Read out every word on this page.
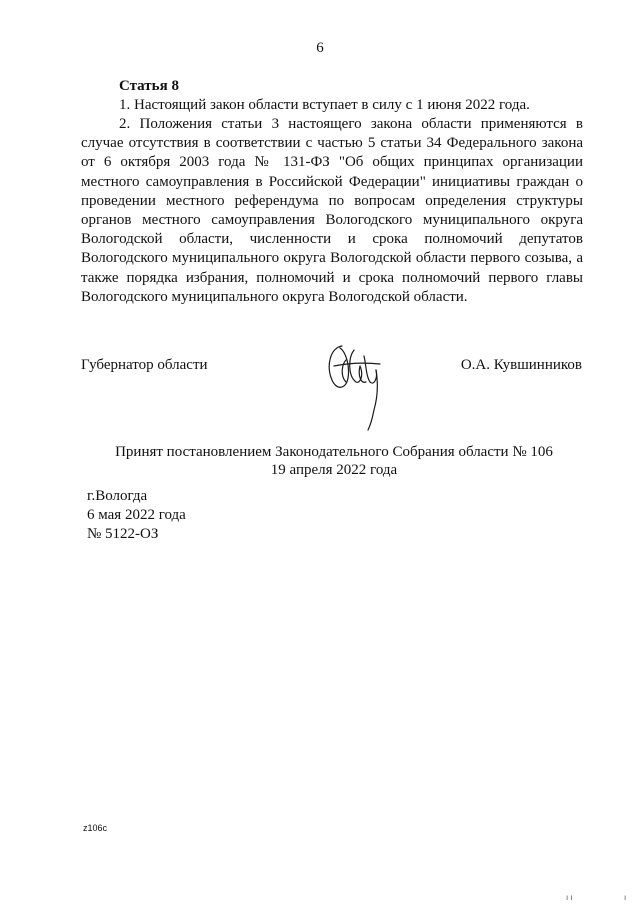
6
Статья 8
1. Настоящий закон области вступает в силу с 1 июня 2022 года.
2. Положения статьи 3 настоящего закона области применяются в случае отсутствия в соответствии с частью 5 статьи 34 Федерального закона от 6 октября 2003 года № 131-ФЗ "Об общих принципах организации местного самоуправления в Российской Федерации" инициативы граждан о проведении местного референдума по вопросам определения структуры органов местного самоуправления Вологодского муниципального округа Вологодской области, численности и срока полномочий депутатов Вологодского муниципального округа Вологодской области первого созыва, а также порядка избрания, полномочий и срока полномочий первого главы Вологодского муниципального округа Вологодской области.
Губернатор области	О.А. Кувшинников
Принят постановлением Законодательного Собрания области № 106
19 апреля 2022 года
г.Вологда
6 мая 2022 года
№ 5122-ОЗ
z106c
ı ı	ı
